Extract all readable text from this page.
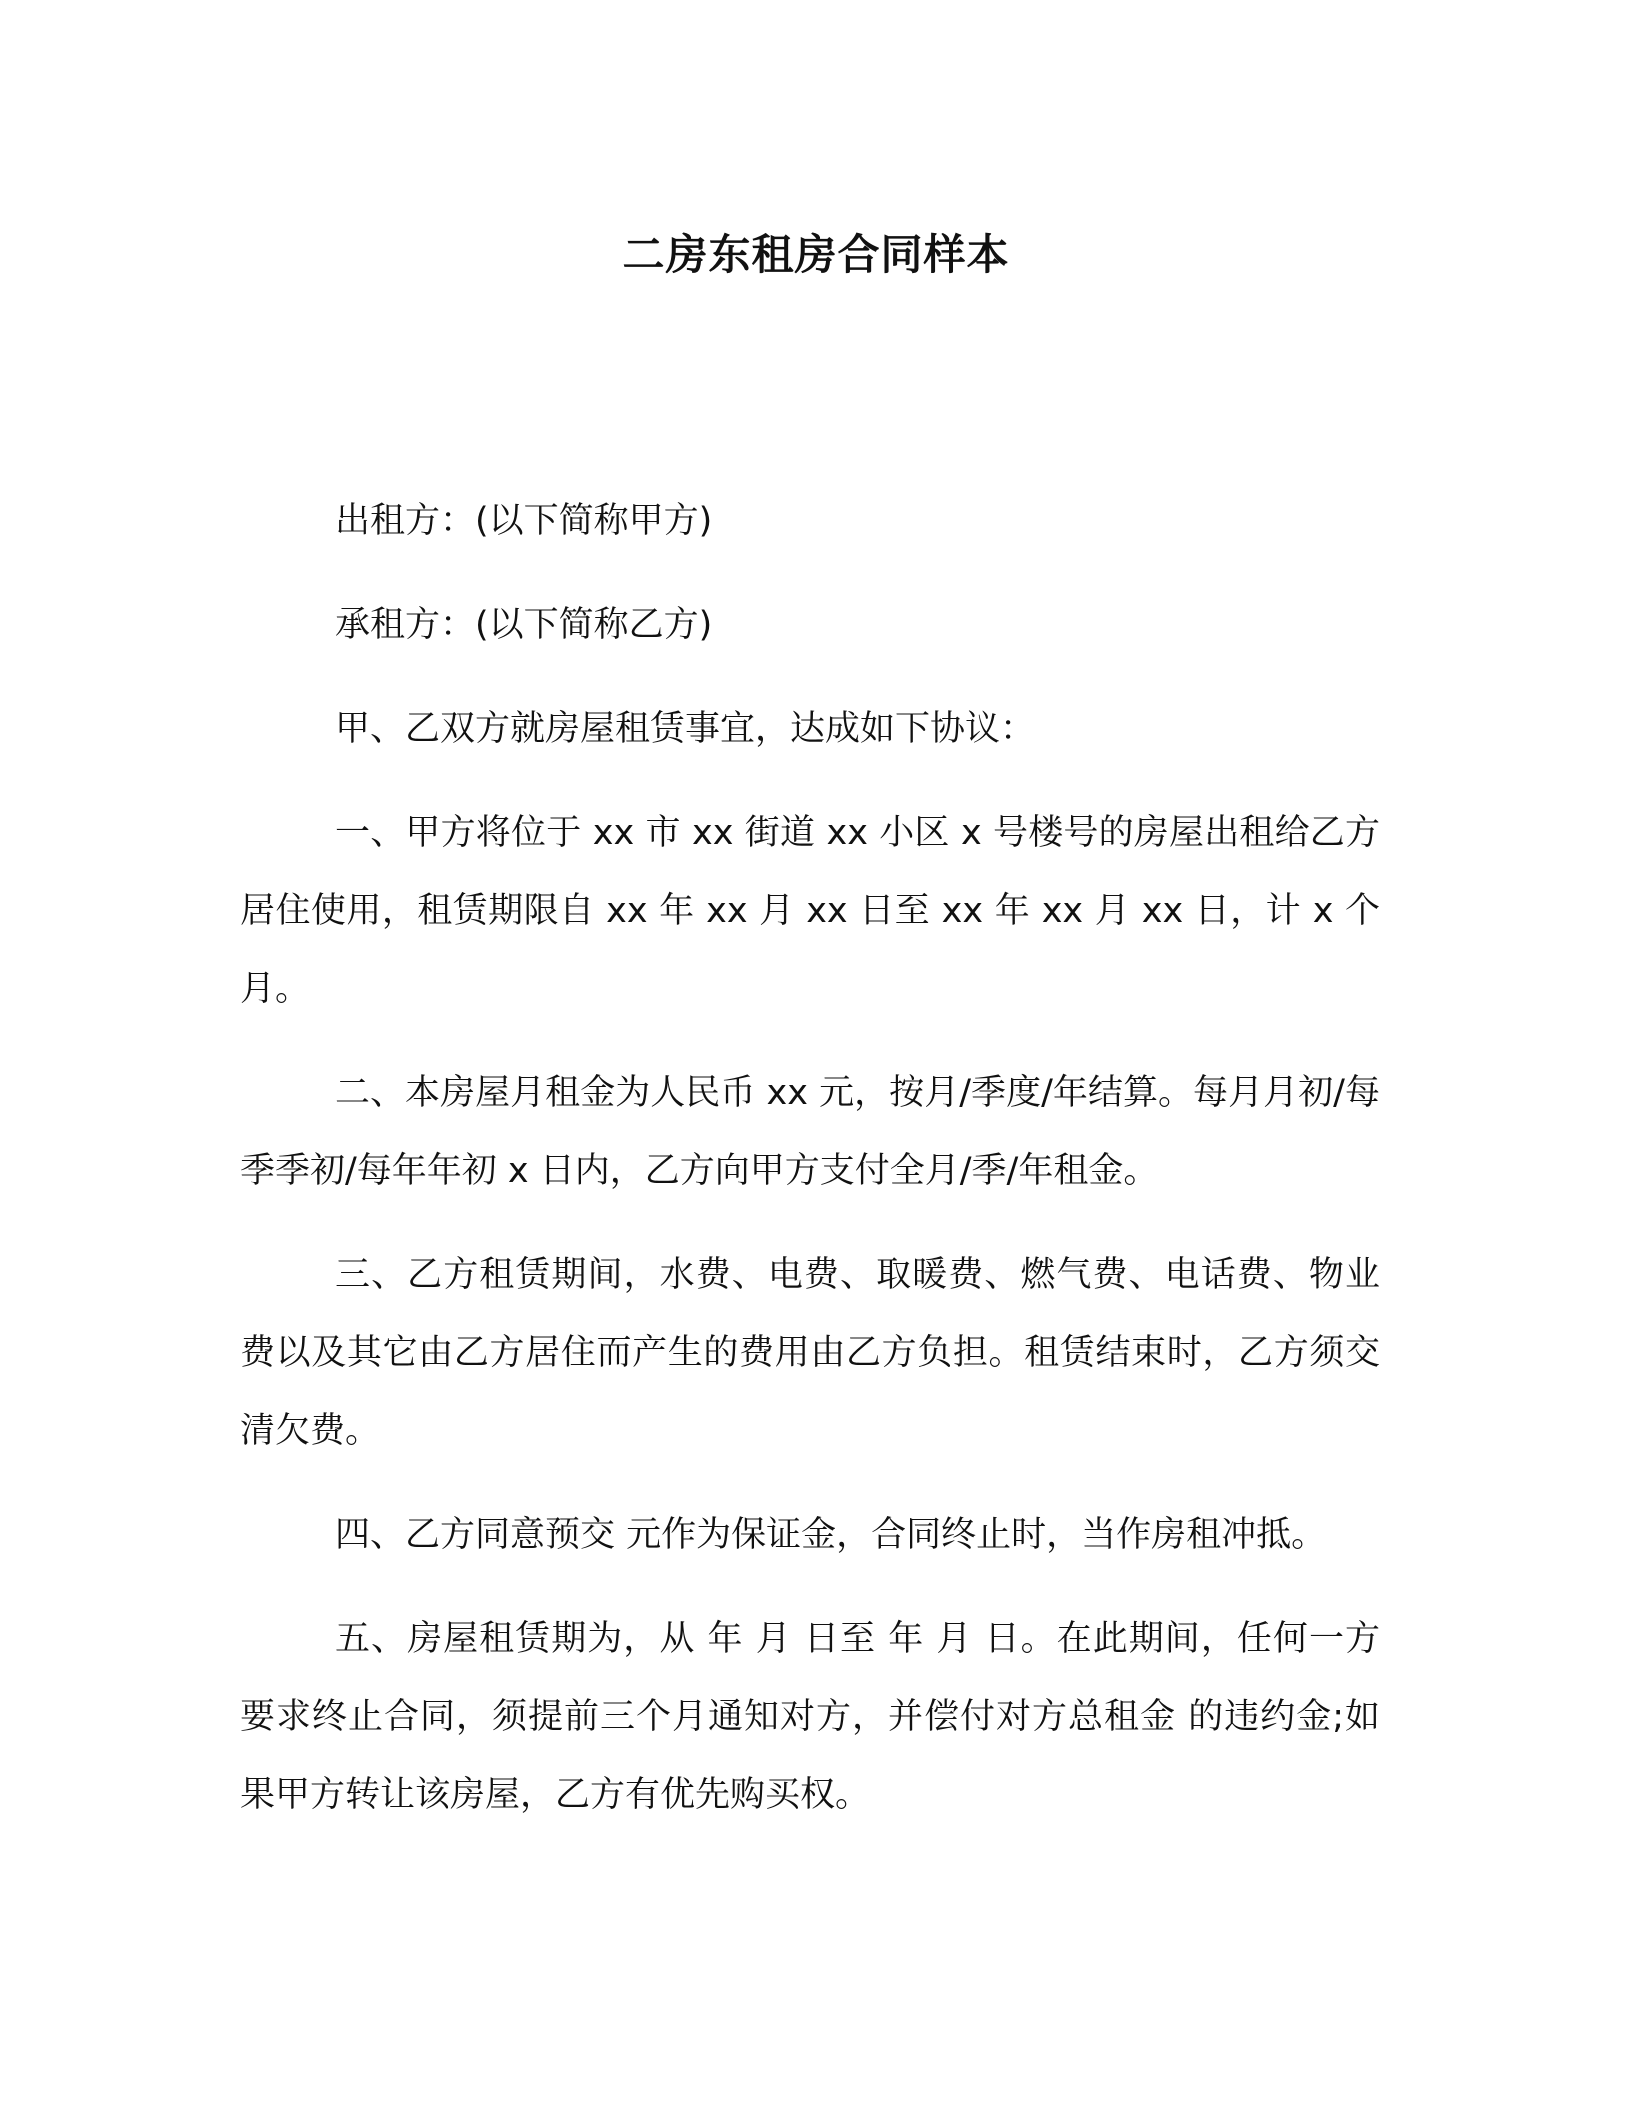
二房东租房合同样本

出租方：(以下简称甲方)

承租方：(以下简称乙方)

甲、乙双方就房屋租赁事宜，达成如下协议：

一、甲方将位于 xx 市 xx 街道 xx 小区 x 号楼号的房屋出租给乙方居住使用，租赁期限自 xx 年 xx 月 xx 日至 xx 年 xx 月 xx 日，计 x 个月。

二、本房屋月租金为人民币 xx 元，按月/季度/年结算。每月月初/每季季初/每年年初 x 日内，乙方向甲方支付全月/季/年租金。

三、乙方租赁期间，水费、电费、取暖费、燃气费、电话费、物业费以及其它由乙方居住而产生的费用由乙方负担。租赁结束时，乙方须交清欠费。

四、乙方同意预交 元作为保证金，合同终止时，当作房租冲抵。

五、房屋租赁期为，从 年 月 日至 年 月 日。在此期间，任何一方要求终止合同，须提前三个月通知对方，并偿付对方总租金 的违约金;如果甲方转让该房屋，乙方有优先购买权。
